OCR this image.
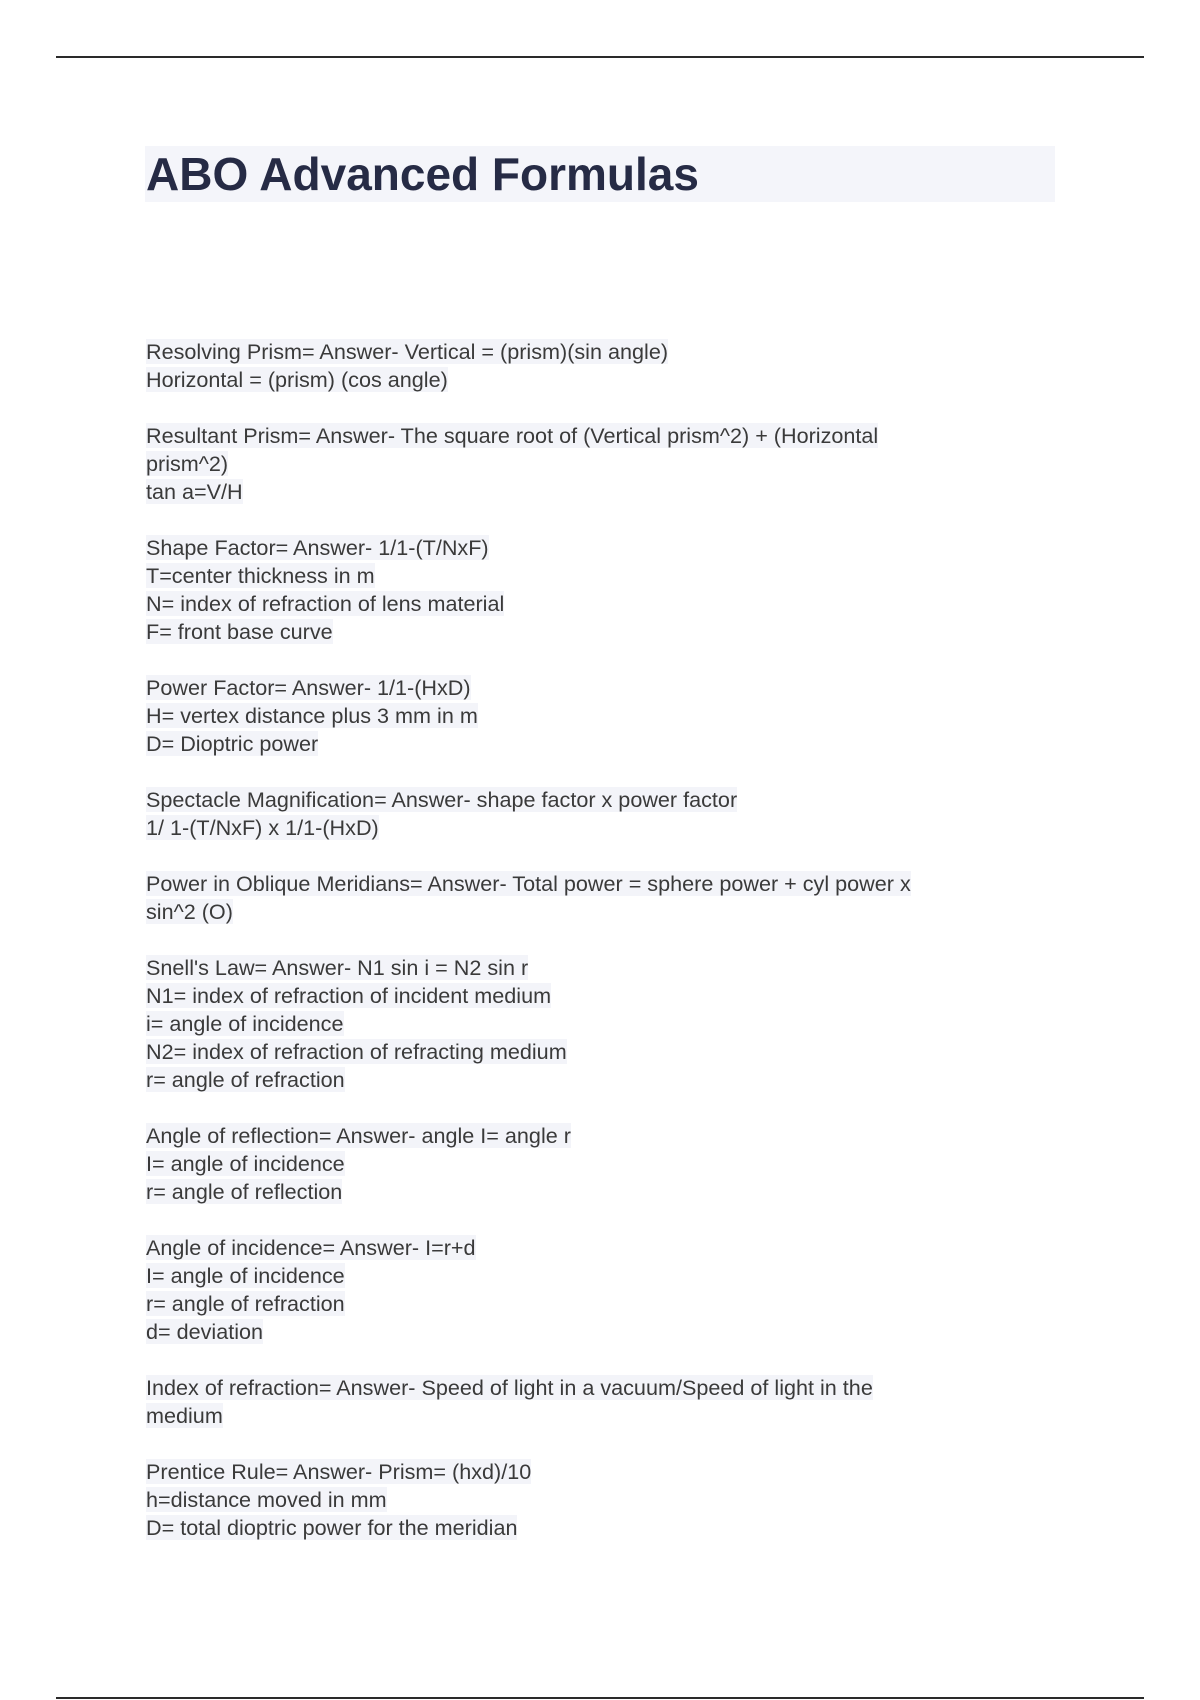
ABO Advanced Formulas

Resolving Prism= Answer- Vertical = (prism)(sin angle)
Horizontal = (prism) (cos angle)

Resultant Prism= Answer- The square root of (Vertical prism^2) + (Horizontal
prism^2)
tan a=V/H

Shape Factor= Answer- 1/1-(T/NxF)
T=center thickness in m
N= index of refraction of lens material
F= front base curve

Power Factor= Answer- 1/1-(HxD)
H= vertex distance plus 3 mm in m
D= Dioptric power

Spectacle Magnification= Answer- shape factor x power factor
1/ 1-(T/NxF) x 1/1-(HxD)

Power in Oblique Meridians= Answer- Total power = sphere power + cyl power x
sin^2 (O)

Snell's Law= Answer- N1 sin i = N2 sin r
N1= index of refraction of incident medium
i= angle of incidence
N2= index of refraction of refracting medium
r= angle of refraction

Angle of reflection= Answer- angle I= angle r
I= angle of incidence
r= angle of reflection

Angle of incidence= Answer- I=r+d
I= angle of incidence
r= angle of refraction
d= deviation

Index of refraction= Answer- Speed of light in a vacuum/Speed of light in the
medium

Prentice Rule= Answer- Prism= (hxd)/10
h=distance moved in mm
D= total dioptric power for the meridian
